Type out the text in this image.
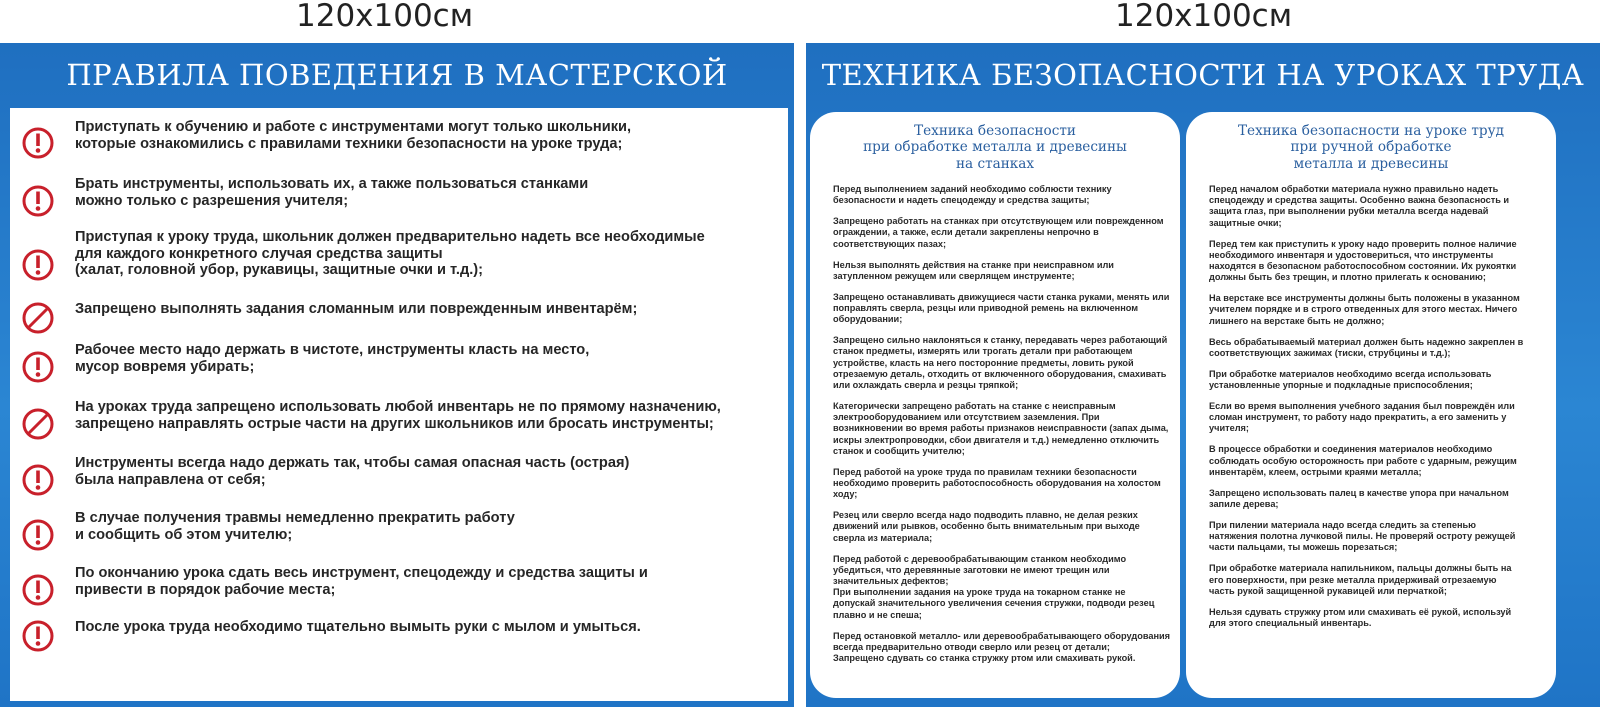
120x100см	120x100см
ПРАВИЛА ПОВЕДЕНИЯ В МАСТЕРСКОЙ
Приступать к обучению и работе с инструментами могут только школьники,
которые ознакомились с правилами техники безопасности на уроке труда;
Брать инструменты, использовать их, а также пользоваться станками
можно только с разрешения учителя;
Приступая к уроку труда, школьник должен предварительно надеть все необходимые
для каждого конкретного случая средства защиты
(халат, головной убор, рукавицы, защитные очки и т.д.);
Запрещено выполнять задания сломанным или поврежденным инвентарём;
Рабочее место надо держать в чистоте, инструменты класть на место,
мусор вовремя убирать;
На уроках труда запрещено использовать любой инвентарь не по прямому назначению,
запрещено направлять острые части на других школьников или бросать инструменты;
Инструменты всегда надо держать так, чтобы самая опасная часть (острая)
была направлена от себя;
В случае получения травмы немедленно прекратить работу
и сообщить об этом учителю;
По окончанию урока сдать весь инструмент, спецодежду и средства защиты и
привести в порядок рабочие места;
После урока труда необходимо тщательно вымыть руки с мылом и умыться.
ТЕХНИКА БЕЗОПАСНОСТИ НА УРОКАХ ТРУДА
Техника безопасности
при обработке металла и древесины
на станках
Перед выполнением заданий необходимо соблюсти технику
безопасности и надеть спецодежду и средства защиты;
Запрещено работать на станках при отсутствующем или поврежденном
ограждении, а также, если детали закреплены непрочно в
соответствующих пазах;
Нельзя выполнять действия на станке при неисправном или
затупленном режущем или сверлящем инструменте;
Запрещено останавливать движущиеся части станка руками, менять или
поправлять сверла, резцы или приводной ремень на включенном
оборудовании;
Запрещено сильно наклоняться к станку, передавать через работающий
станок предметы, измерять или трогать детали при работающем
устройстве, класть на него посторонние предметы, ловить рукой
отрезаемую деталь, отходить от включенного оборудования, смахивать
или охлаждать сверла и резцы тряпкой;
Категорически запрещено работать на станке с неисправным
электрооборудованием или отсутствием заземления. При
возникновении во время работы признаков неисправности (запах дыма,
искры электропроводки, сбои двигателя и т.д.) немедленно отключить
станок и сообщить учителю;
Перед работой на уроке труда по правилам техники безопасности
необходимо проверить работоспособность оборудования на холостом
ходу;
Резец или сверло всегда надо подводить плавно, не делая резких
движений или рывков, особенно быть внимательным при выходе
сверла из материала;
Перед работой с деревообрабатывающим станком необходимо
убедиться, что деревянные заготовки не имеют трещин или
значительных дефектов;
При выполнении задания на уроке труда на токарном станке не
допускай значительного увеличения сечения стружки, подводи резец
плавно и не спеша;
Перед остановкой металло- или деревообрабатывающего оборудования
всегда предварительно отводи сверло или резец от детали;
Запрещено сдувать со станка стружку ртом или смахивать рукой.
Техника безопасности на уроке труд
при ручной обработке
металла и древесины
Перед началом обработки материала нужно правильно надеть
спецодежду и средства защиты. Особенно важна безопасность и
защита глаз, при выполнении рубки металла всегда надевай
защитные очки;
Перед тем как приступить к уроку надо проверить полное наличие
необходимого инвентаря и удостовериться, что инструменты
находятся в безопасном работоспособном состоянии. Их рукоятки
должны быть без трещин, и плотно прилегать к основанию;
На верстаке все инструменты должны быть положены в указанном
учителем порядке и в строго отведенных для этого местах. Ничего
лишнего на верстаке быть не должно;
Весь обрабатываемый материал должен быть надежно закреплен в
соответствующих зажимах (тиски, струбцины и т.д.);
При обработке материалов необходимо всегда использовать
установленные упорные и подкладные приспособления;
Если во время выполнения учебного задания был повреждён или
сломан инструмент, то работу надо прекратить, а его заменить у
учителя;
В процессе обработки и соединения материалов необходимо
соблюдать особую осторожность при работе с ударным, режущим
инвентарём, клеем, острыми краями металла;
Запрещено использовать палец в качестве упора при начальном
запиле дерева;
При пилении материала надо всегда следить за степенью
натяжения полотна лучковой пилы. Не проверяй остроту режущей
части пальцами, ты можешь порезаться;
При обработке материала напильником, пальцы должны быть на
его поверхности, при резке металла придерживай отрезаемую
часть рукой защищенной рукавицей или перчаткой;
Нельзя сдувать стружку ртом или смахивать её рукой, используй
для этого специальный инвентарь.
